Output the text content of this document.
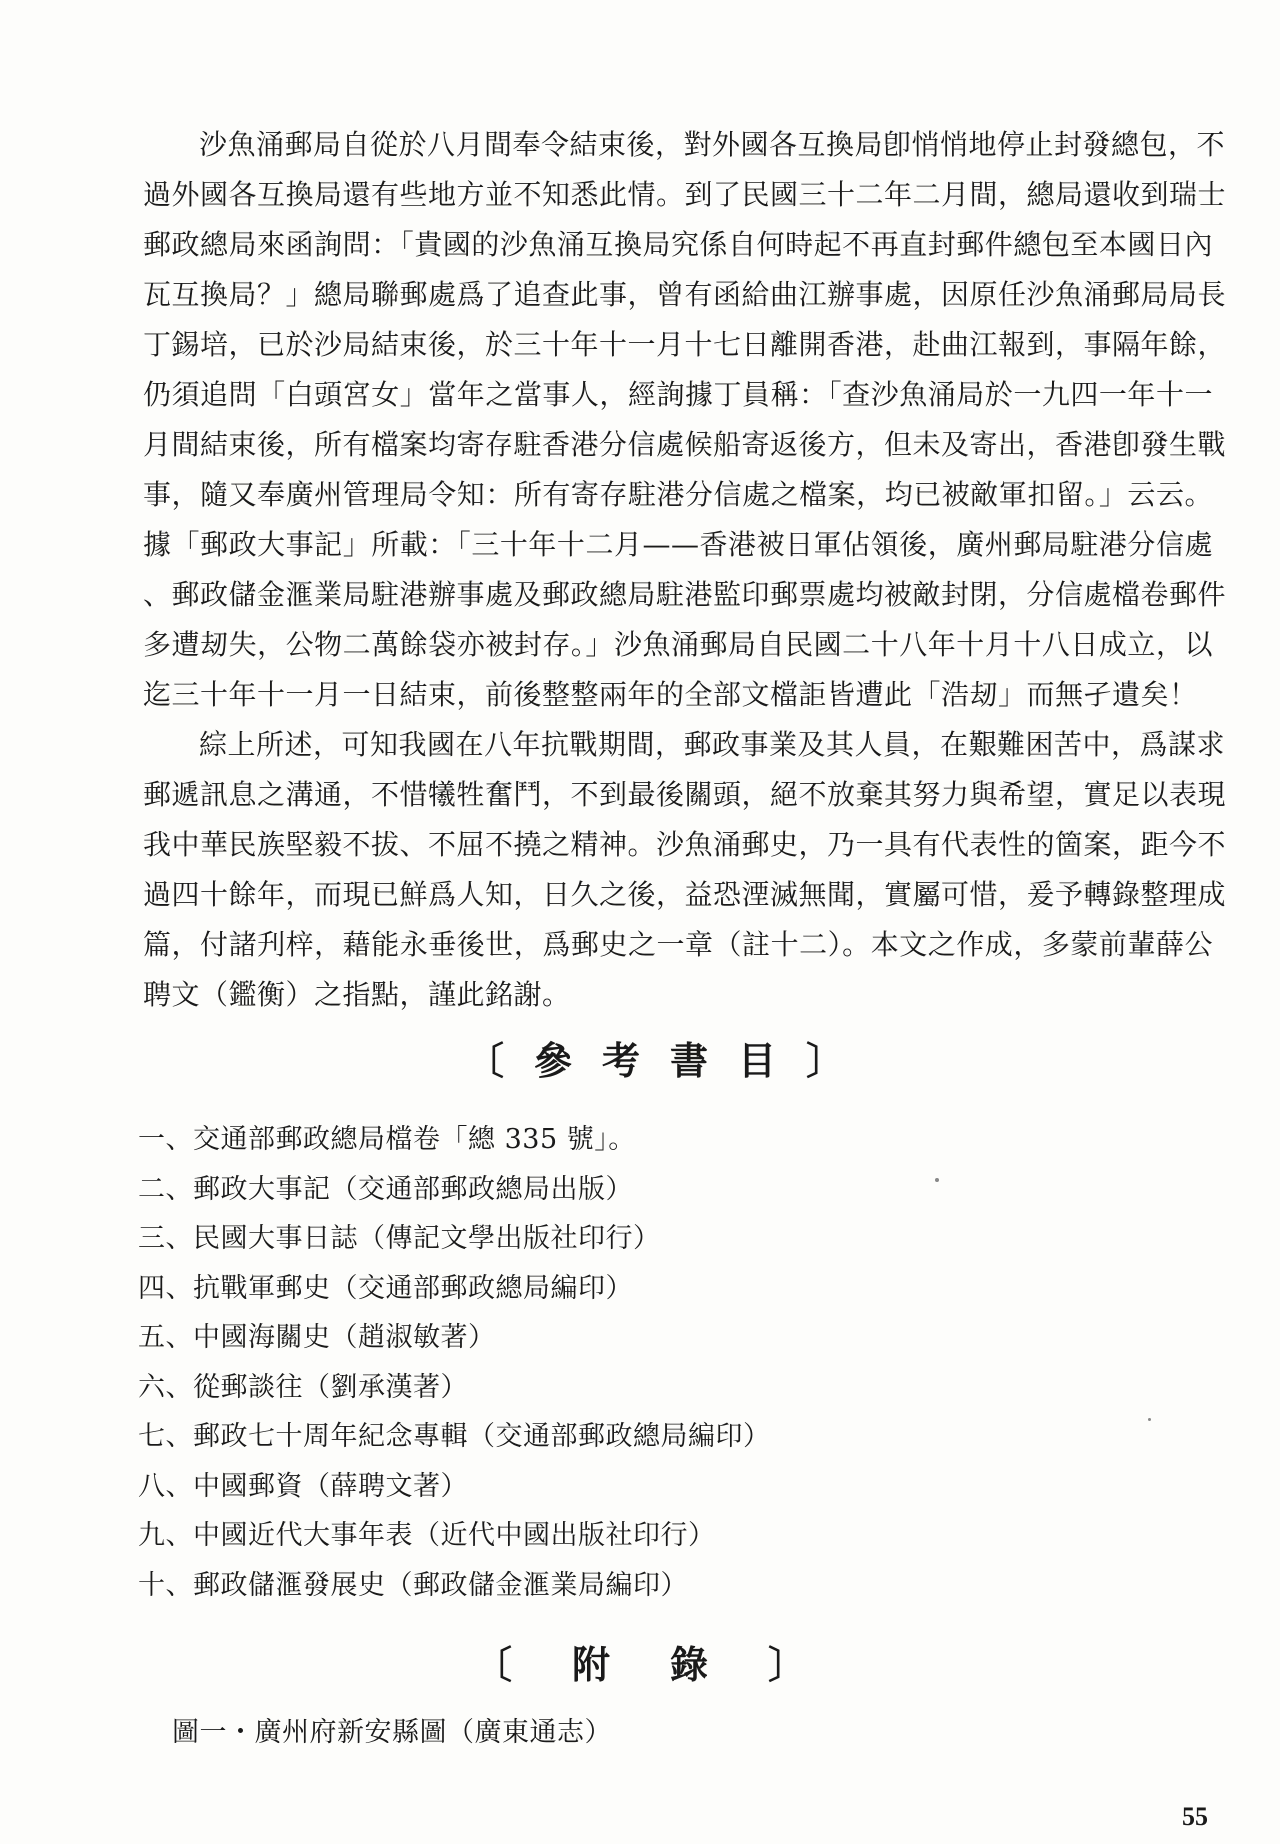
沙魚涌郵局自從於八月間奉令結束後，對外國各互換局卽悄悄地停止封發總包，不
過外國各互換局還有些地方並不知悉此情。到了民國三十二年二月間，總局還收到瑞士
郵政總局來函詢問：「貴國的沙魚涌互換局究係自何時起不再直封郵件總包至本國日內
瓦互換局？」總局聯郵處爲了追查此事，曾有函給曲江辦事處，因原任沙魚涌郵局局長
丁錫培，已於沙局結束後，於三十年十一月十七日離開香港，赴曲江報到，事隔年餘，
仍須追問「白頭宮女」當年之當事人，經詢據丁員稱：「查沙魚涌局於一九四一年十一
月間結束後，所有檔案均寄存駐香港分信處候船寄返後方，但未及寄出，香港卽發生戰
事，隨又奉廣州管理局令知：所有寄存駐港分信處之檔案，均已被敵軍扣留。」云云。
據「郵政大事記」所載：「三十年十二月——香港被日軍佔領後，廣州郵局駐港分信處
、郵政儲金滙業局駐港辦事處及郵政總局駐港監印郵票處均被敵封閉，分信處檔卷郵件
多遭刼失，公物二萬餘袋亦被封存。」沙魚涌郵局自民國二十八年十月十八日成立，以
迄三十年十一月一日結束，前後整整兩年的全部文檔詎皆遭此「浩刼」而無孑遺矣！
綜上所述，可知我國在八年抗戰期間，郵政事業及其人員，在艱難困苦中，爲謀求
郵遞訊息之溝通，不惜犧牲奮鬥，不到最後關頭，絕不放棄其努力與希望，實足以表現
我中華民族堅毅不拔、不屈不撓之精神。沙魚涌郵史，乃一具有代表性的箇案，距今不
過四十餘年，而現已鮮爲人知，日久之後，益恐湮滅無聞，實屬可惜，爰予轉錄整理成
篇，付諸刋梓，藉能永垂後世，爲郵史之一章（註十二）。本文之作成，多蒙前輩薛公
聘文（鑑衡）之指點，謹此銘謝。
〔參考書目〕
一、交通部郵政總局檔卷「總 335 號」。
二、郵政大事記（交通部郵政總局出版）
三、民國大事日誌（傳記文學出版社印行）
四、抗戰軍郵史（交通部郵政總局編印）
五、中國海關史（趙淑敏著）
六、從郵談往（劉承漢著）
七、郵政七十周年紀念專輯（交通部郵政總局編印）
八、中國郵資（薛聘文著）
九、中國近代大事年表（近代中國出版社印行）
十、郵政儲滙發展史（郵政儲金滙業局編印）
〔附錄〕
圖一・廣州府新安縣圖（廣東通志）
55
